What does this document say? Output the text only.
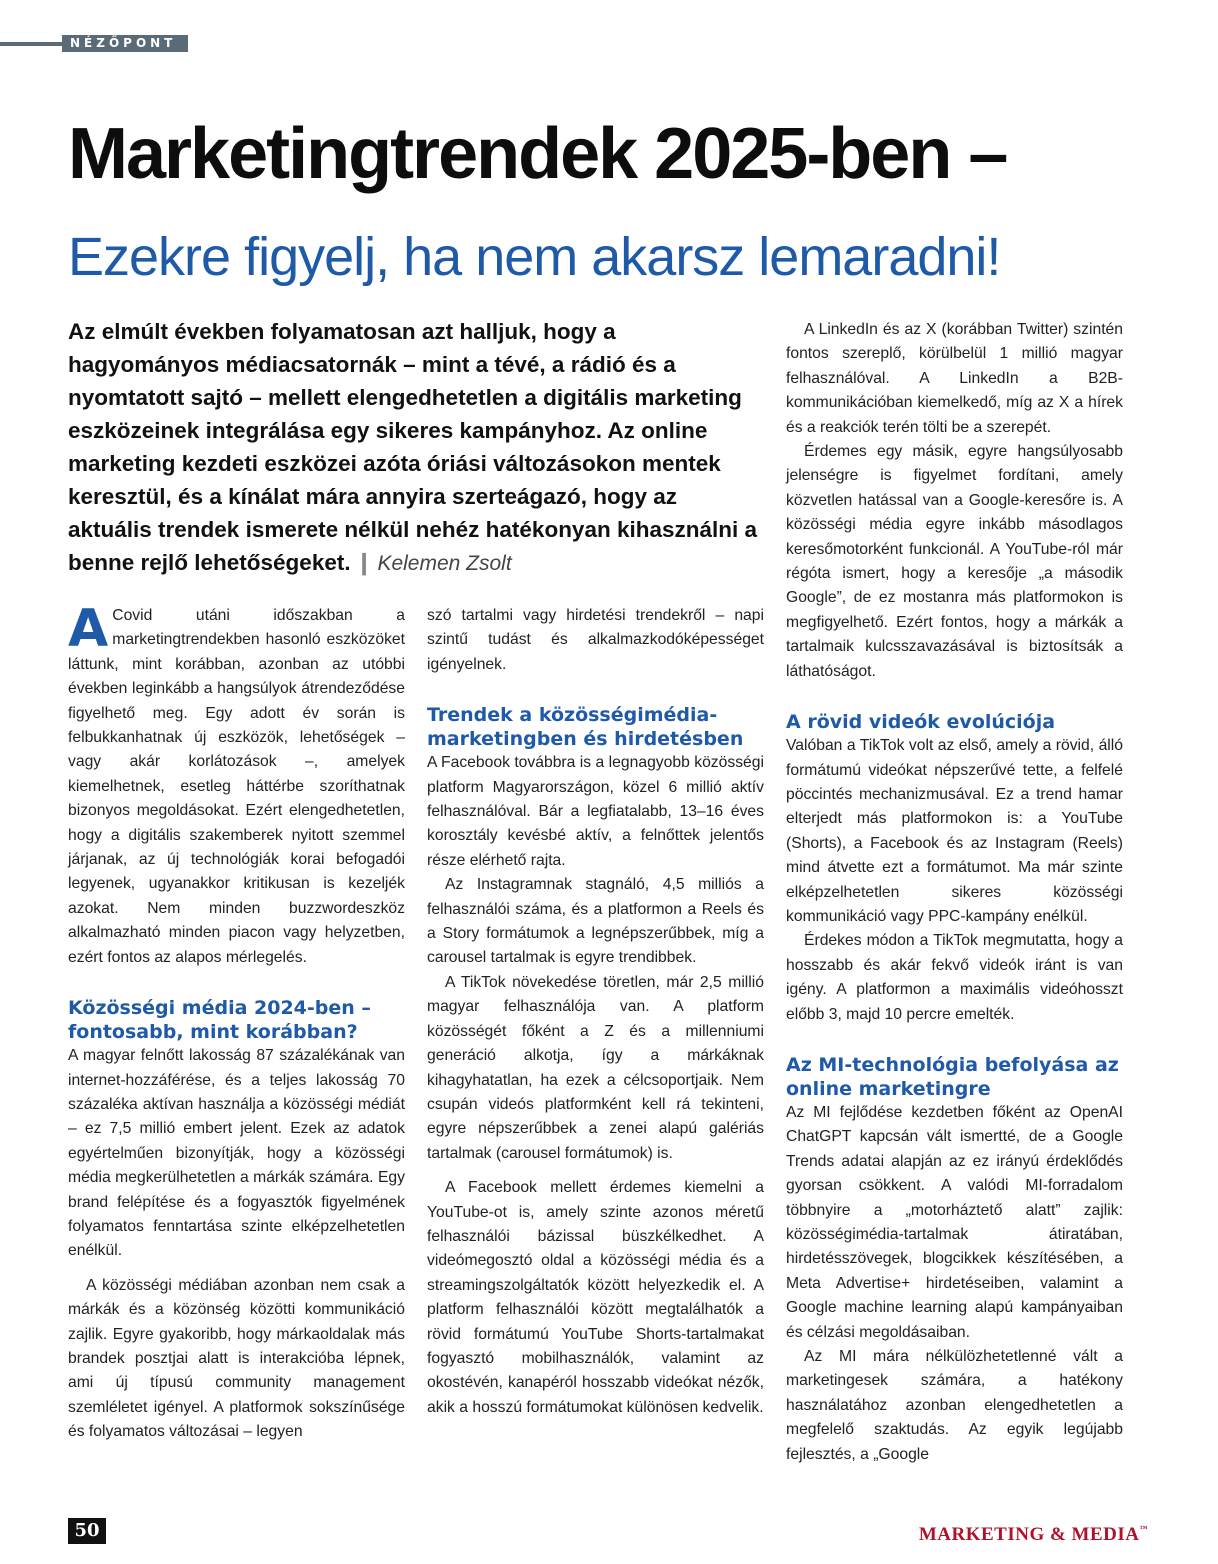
NÉZŐPONT
Marketingtrendek 2025-ben –
Ezekre figyelj, ha nem akarsz lemaradni!

Az elmúlt években folyamatosan azt halljuk, hogy a hagyományos médiacsatornák – mint a tévé, a rádió és a nyomtatott sajtó – mellett elengedhetetlen a digitális marketing eszközeinek integrálása egy sikeres kampányhoz. Az online marketing kezdeti eszközei azóta óriási változásokon mentek keresztül, és a kínálat mára annyira szerteágazó, hogy az aktuális trendek ismerete nélkül nehéz hatékonyan kihasználni a benne rejlő lehetőségeket. ❙ Kelemen Zsolt

A Covid utáni időszakban a marketingtrendekben hasonló eszközöket láttunk, mint korábban, azonban az utóbbi években leginkább a hangsúlyok átrendeződése figyelhető meg. Egy adott év során is felbukkanhatnak új eszközök, lehetőségek – vagy akár korlátozások –, amelyek kiemelhetnek, esetleg háttérbe szoríthatnak bizonyos megoldásokat. Ezért elengedhetetlen, hogy a digitális szakemberek nyitott szemmel járjanak, az új technológiák korai befogadói legyenek, ugyanakkor kritikusan is kezeljék azokat. Nem minden buzzwordeszköz alkalmazható minden piacon vagy helyzetben, ezért fontos az alapos mérlegelés.

Közösségi média 2024-ben – fontosabb, mint korábban?

A magyar felnőtt lakosság 87 százalékának van internet-hozzáférése, és a teljes lakosság 70 százaléka aktívan használja a közösségi médiát – ez 7,5 millió embert jelent. Ezek az adatok egyértelműen bizonyítják, hogy a közösségi média megkerülhetetlen a márkák számára. Egy brand felépítése és a fogyasztók figyelmének folyamatos fenntartása szinte elképzelhetetlen enélkül.

A közösségi médiában azonban nem csak a márkák és a közönség közötti kommunikáció zajlik. Egyre gyakoribb, hogy márkaoldalak más brandek posztjai alatt is interakcióba lépnek, ami új típusú community management szemléletet igényel. A platformok sokszínűsége és folyamatos változásai – legyen

szó tartalmi vagy hirdetési trendekről – napi szintű tudást és alkalmazkodóképességet igényelnek.

Trendek a közösségimédia-marketingben és hirdetésben

A Facebook továbbra is a legnagyobb közösségi platform Magyarországon, közel 6 millió aktív felhasználóval. Bár a legfiatalabb, 13–16 éves korosztály kevésbé aktív, a felnőttek jelentős része elérhető rajta.

Az Instagramnak stagnáló, 4,5 milliós a felhasználói száma, és a platformon a Reels és a Story formátumok a legnépszerűbbek, míg a carousel tartalmak is egyre trendibbek.

A TikTok növekedése töretlen, már 2,5 millió magyar felhasználója van. A platform közösségét főként a Z és a millenniumi generáció alkotja, így a márkáknak kihagyhatatlan, ha ezek a célcsoportjaik. Nem csupán videós platformként kell rá tekinteni, egyre népszerűbbek a zenei alapú galériás tartalmak (carousel formátumok) is.

A Facebook mellett érdemes kiemelni a YouTube-ot is, amely szinte azonos méretű felhasználói bázissal büszkélkedhet. A videómegosztó oldal a közösségi média és a streamingszolgáltatók között helyezkedik el. A platform felhasználói között megtalálhatók a rövid formátumú YouTube Shorts-tartalmakat fogyasztó mobilhasználók, valamint az okostévén, kanapéról hosszabb videókat nézők, akik a hosszú formátumokat különösen kedvelik.

A LinkedIn és az X (korábban Twitter) szintén fontos szereplő, körülbelül 1 millió magyar felhasználóval. A LinkedIn a B2B-kommunikációban kiemelkedő, míg az X a hírek és a reakciók terén tölti be a szerepét.

Érdemes egy másik, egyre hangsúlyosabb jelenségre is figyelmet fordítani, amely közvetlen hatással van a Google-keresőre is. A közösségi média egyre inkább másodlagos keresőmotorként funkcionál. A YouTube-ról már régóta ismert, hogy a keresője „a második Google”, de ez mostanra más platformokon is megfigyelhető. Ezért fontos, hogy a márkák a tartalmaik kulcsszavazásával is biztosítsák a láthatóságot.

A rövid videók evolúciója

Valóban a TikTok volt az első, amely a rövid, álló formátumú videókat népszerűvé tette, a felfelé pöccintés mechanizmusával. Ez a trend hamar elterjedt más platformokon is: a YouTube (Shorts), a Facebook és az Instagram (Reels) mind átvette ezt a formátumot. Ma már szinte elképzelhetetlen sikeres közösségi kommunikáció vagy PPC-kampány enélkül.

Érdekes módon a TikTok megmutatta, hogy a hosszabb és akár fekvő videók iránt is van igény. A platformon a maximális videóhosszt előbb 3, majd 10 percre emelték.

Az MI-technológia befolyása az online marketingre

Az MI fejlődése kezdetben főként az OpenAI ChatGPT kapcsán vált ismertté, de a Google Trends adatai alapján az ez irányú érdeklődés gyorsan csökkent. A valódi MI-forradalom többnyire a „motorháztető alatt” zajlik: közösségimédia-tartalmak átiratában, hirdetésszövegek, blogcikkek készítésében, a Meta Advertise+ hirdetéseiben, valamint a Google machine learning alapú kampányaiban és célzási megoldásaiban.

Az MI mára nélkülözhetetlenné vált a marketingesek számára, a hatékony használatához azonban elengedhetetlen a megfelelő szaktudás. Az egyik legújabb fejlesztés, a „Google

50	MARKETING & MEDIA™
